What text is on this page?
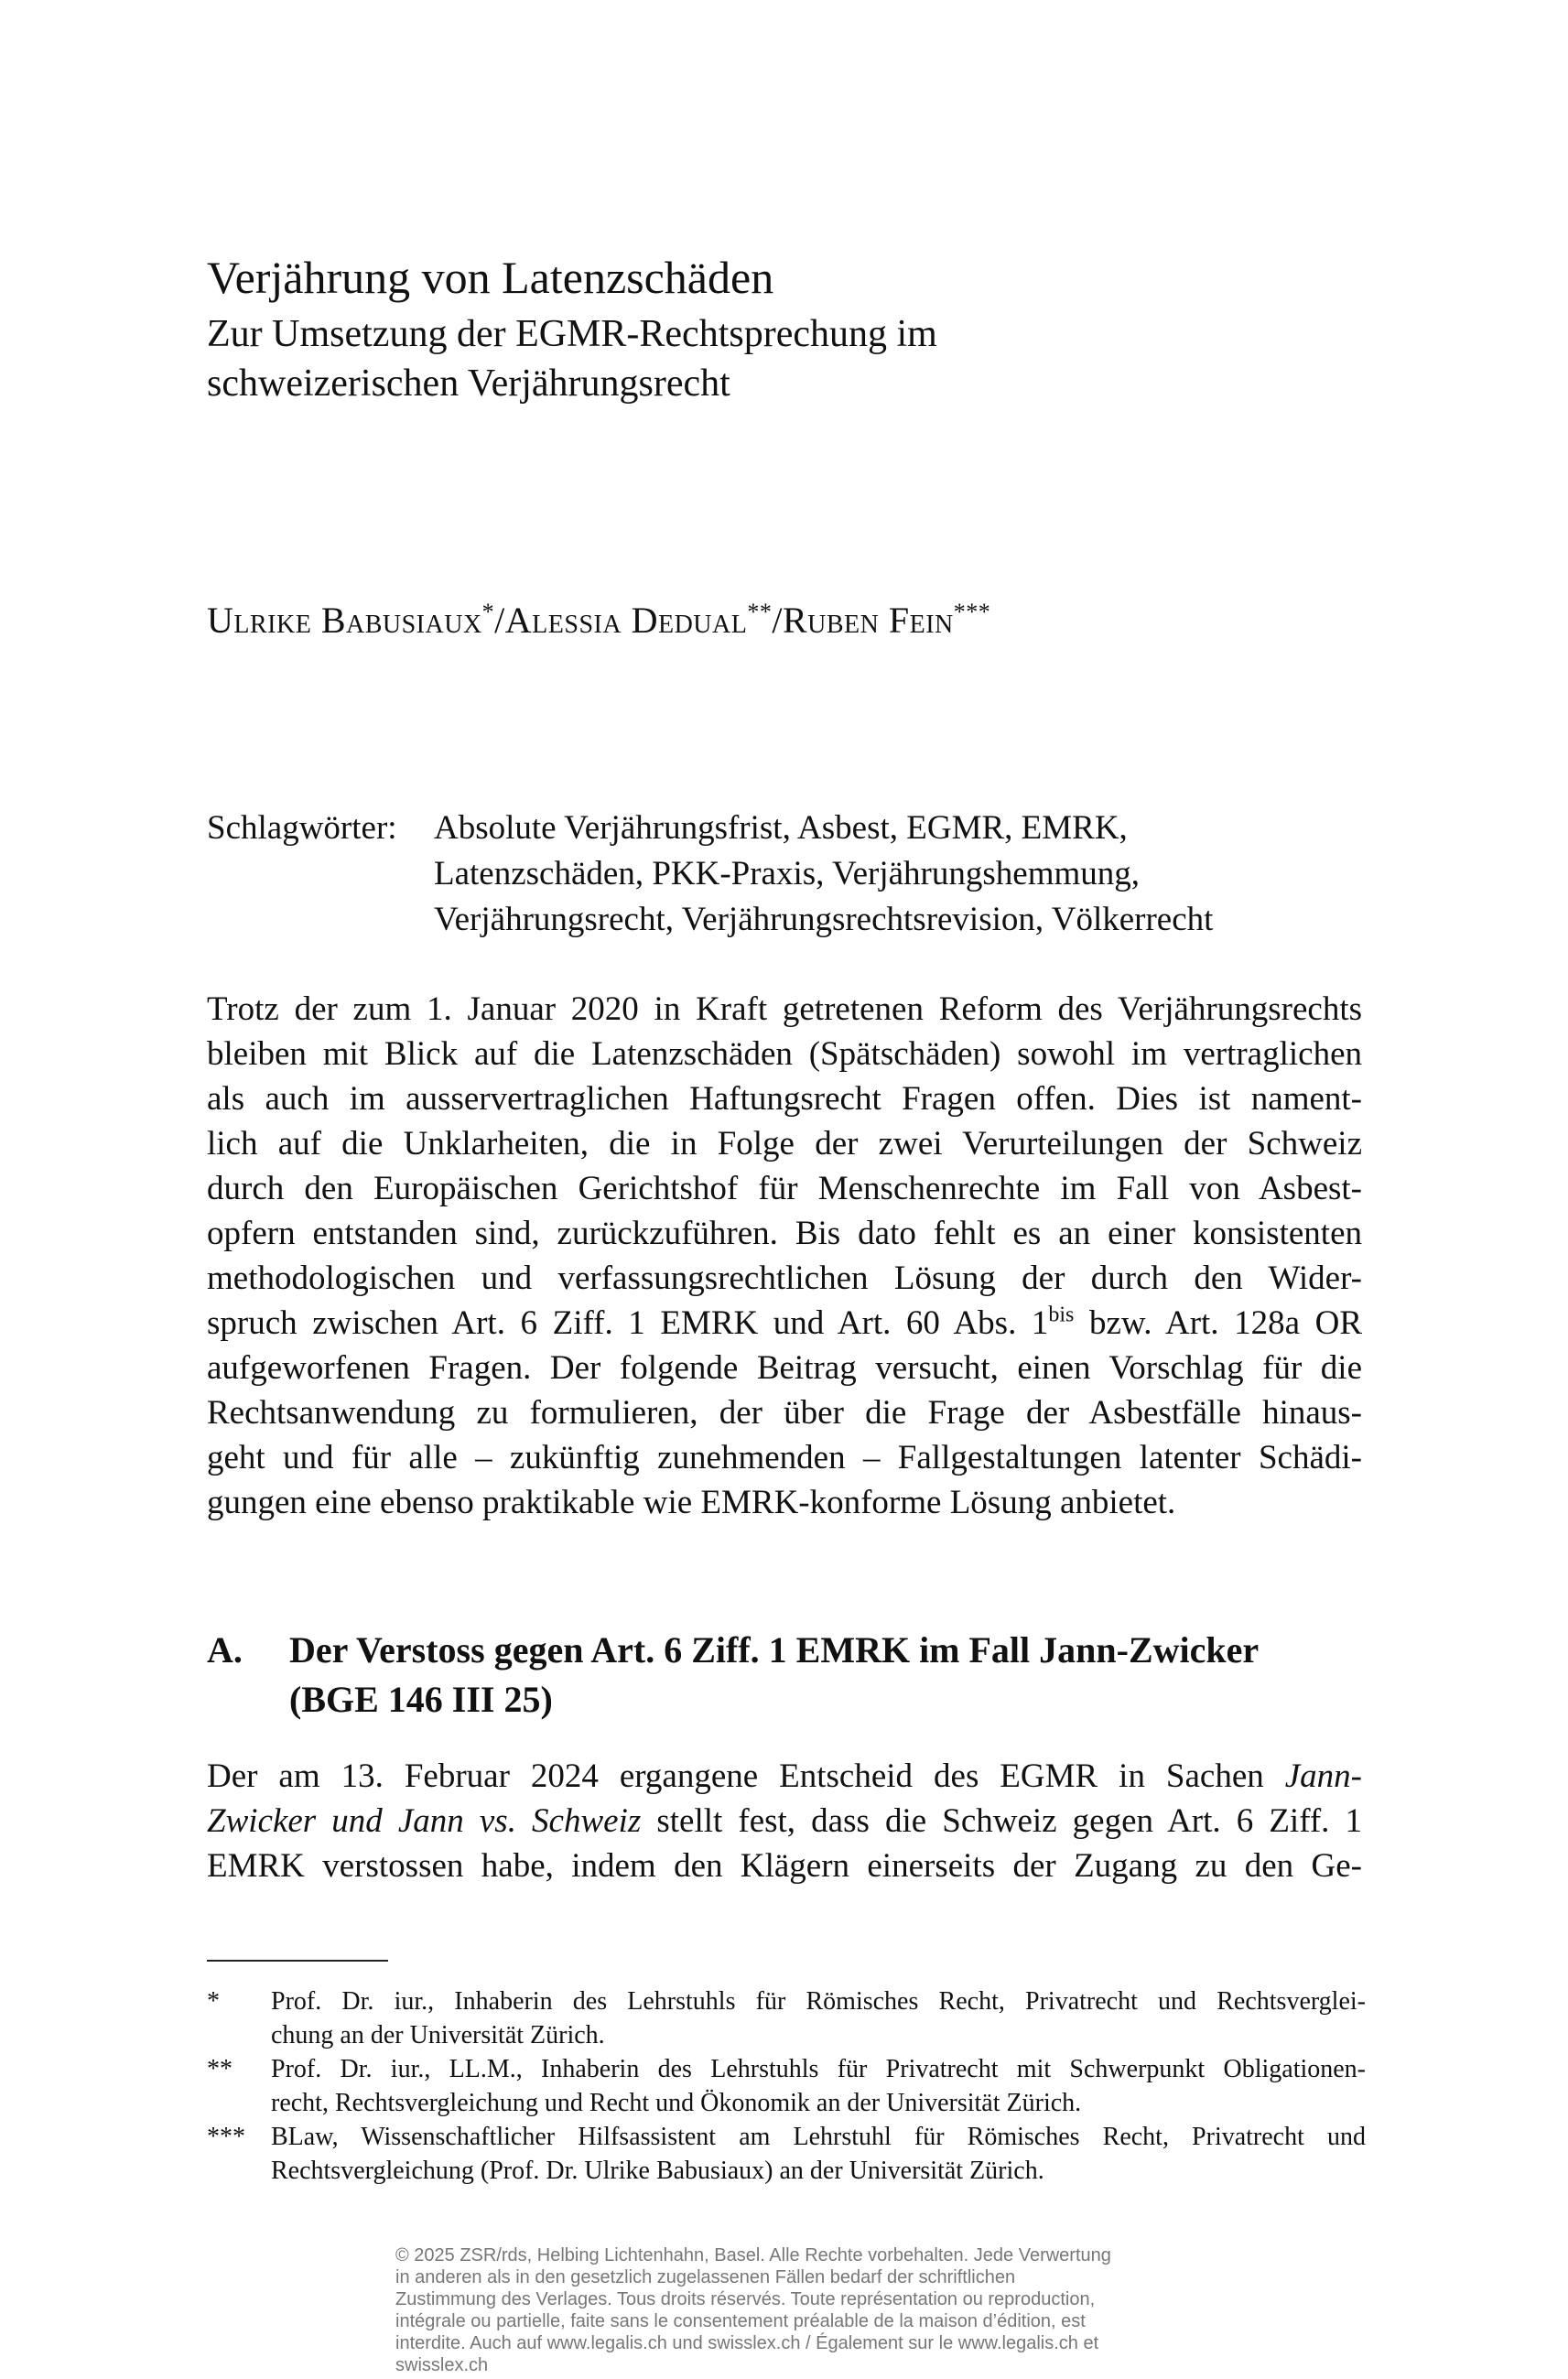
Verjährung von Latenzschäden
Zur Umsetzung der EGMR-Rechtsprechung im
schweizerischen Verjährungsrecht
Ulrike Babusiaux*/Alessia Dedual**/Ruben Fein***
Schlagwörter: Absolute Verjährungsfrist, Asbest, EGMR, EMRK,
Latenzschäden, PKK-Praxis, Verjährungshemmung,
Verjährungsrecht, Verjährungsrechtsrevision, Völkerrecht
Trotz der zum 1. Januar 2020 in Kraft getretenen Reform des Verjährungsrechts
bleiben mit Blick auf die Latenzschäden (Spätschäden) sowohl im vertraglichen
als auch im ausservertraglichen Haftungsrecht Fragen offen. Dies ist nament-
lich auf die Unklarheiten, die in Folge der zwei Verurteilungen der Schweiz
durch den Europäischen Gerichtshof für Menschenrechte im Fall von Asbest-
opfern entstanden sind, zurückzuführen. Bis dato fehlt es an einer konsistenten
methodologischen und verfassungsrechtlichen Lösung der durch den Wider-
spruch zwischen Art. 6 Ziff. 1 EMRK und Art. 60 Abs. $1^{bis}$ bzw. Art. 128a OR
aufgeworfenen Fragen. Der folgende Beitrag versucht, einen Vorschlag für die
Rechtsanwendung zu formulieren, der über die Frage der Asbestfälle hinaus-
geht und für alle – zukünftig zunehmenden – Fallgestaltungen latenter Schädi-
gungen eine ebenso praktikable wie EMRK-konforme Lösung anbietet.
A. Der Verstoss gegen Art. 6 Ziff. 1 EMRK im Fall Jann-Zwicker
(BGE 146 III 25)
Der am 13. Februar 2024 ergangene Entscheid des EGMR in Sachen Jann-
Zwicker und Jann vs. Schweiz stellt fest, dass die Schweiz gegen Art. 6 Ziff. 1
EMRK verstossen habe, indem den Klägern einerseits der Zugang zu den Ge-
* Prof. Dr. iur., Inhaberin des Lehrstuhls für Römisches Recht, Privatrecht und Rechtsverglei-
chung an der Universität Zürich.
** Prof. Dr. iur., LL.M., Inhaberin des Lehrstuhls für Privatrecht mit Schwerpunkt Obligationen-
recht, Rechtsvergleichung und Recht und Ökonomik an der Universität Zürich.
*** BLaw, Wissenschaftlicher Hilfsassistent am Lehrstuhl für Römisches Recht, Privatrecht und
Rechtsvergleichung (Prof. Dr. Ulrike Babusiaux) an der Universität Zürich.
© 2025 ZSR/rds, Helbing Lichtenhahn, Basel. Alle Rechte vorbehalten. Jede Verwertung
in anderen als in den gesetzlich zugelassenen Fällen bedarf der schriftlichen
Zustimmung des Verlages. Tous droits réservés. Toute représentation ou reproduction,
intégrale ou partielle, faite sans le consentement préalable de la maison d’édition, est
interdite. Auch auf www.legalis.ch und swisslex.ch / Également sur le www.legalis.ch et
swisslex.ch
